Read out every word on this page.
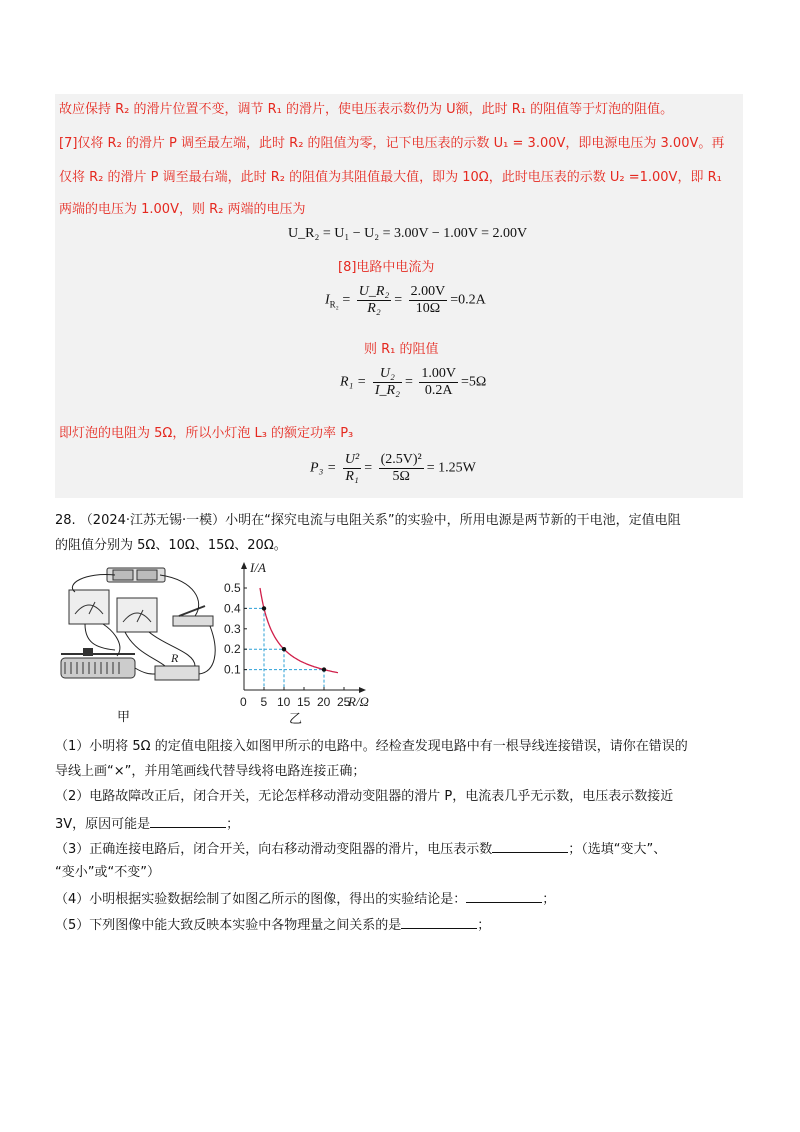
故应保持 R₂ 的滑片位置不变，调节 R₁ 的滑片，使电压表示数仍为 U额，此时 R₁ 的阻值等于灯泡的阻值。
[7]仅将 R₂ 的滑片 P 调至最左端，此时 R₂ 的阻值为零，记下电压表的示数 U₁ = 3.00V，即电源电压为 3.00V。再
仅将 R₂ 的滑片 P 调至最右端，此时 R₂ 的阻值为其阻值最大值，即为 10Ω，此时电压表的示数 U₂ =1.00V，即 R₁
两端的电压为 1.00V，则 R₂ 两端的电压为
U_R₂ = U₁ − U₂ = 3.00V − 1.00V = 2.00V
[8]电路中电流为
$I_{R_2} = \frac{\text{U\_R₂}}{\text{R₂}} = \frac{2.00V}{10\Omega} =0.2A$
则 R₁ 的阻值
$R_1 = \frac{\text{U₂}}{\text{I\_R₂}} = \frac{1.00V}{0.2A} =5\Omega$
即灯泡的电阻为 5Ω，所以小灯泡 L₃ 的额定功率 P₃
$P_3 = \frac{\text{U²}}{\text{R₁}} = \frac{\text{(2.5V)²}}{5\Omega} = 1.25W$
28. （2024·江苏无锡·一模）小明在“探究电流与电阻关系”的实验中，所用电源是两节新的干电池，定值电阻
的阻值分别为 5Ω、10Ω、15Ω、20Ω。
R
甲
0 5 10 15 20 25
0.1
0.2
0.3
0.4
0.5
R/Ω
I/A
乙
（1）小明将 5Ω 的定值电阻接入如图甲所示的电路中。经检查发现电路中有一根导线连接错误，请你在错误的
导线上画“×”，并用笔画线代替导线将电路连接正确；
（2）电路故障改正后，闭合开关，无论怎样移动滑动变阻器的滑片 P，电流表几乎无示数，电压表示数接近
3V，原因可能是	；
（3）正确连接电路后，闭合开关，向右移动滑动变阻器的滑片，电压表示数	；（选填“变大”、
“变小”或“不变”）
（4）小明根据实验数据绘制了如图乙所示的图像，得出的实验结论是：	；
（5）下列图像中能大致反映本实验中各物理量之间关系的是	；
